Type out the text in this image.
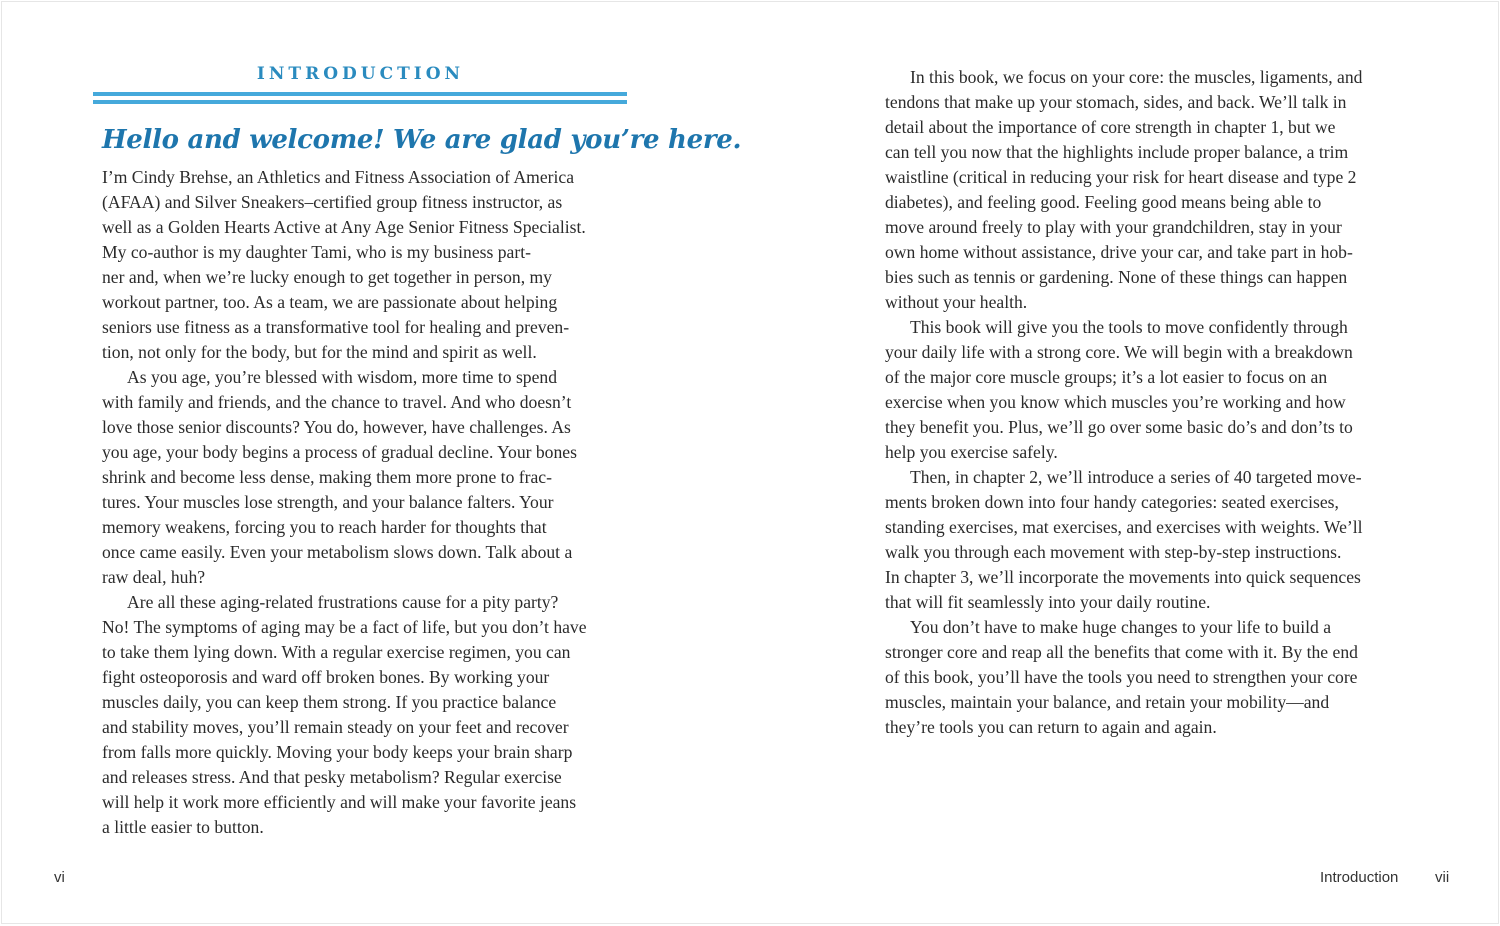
INTRODUCTION
Hello and welcome! We are glad you’re here.
I’m Cindy Brehse, an Athletics and Fitness Association of America
(AFAA) and Silver Sneakers–certified group fitness instructor, as
well as a Golden Hearts Active at Any Age Senior Fitness Specialist.
My co-author is my daughter Tami, who is my business part-
ner and, when we’re lucky enough to get together in person, my
workout partner, too. As a team, we are passionate about helping
seniors use fitness as a transformative tool for healing and preven-
tion, not only for the body, but for the mind and spirit as well.
As you age, you’re blessed with wisdom, more time to spend
with family and friends, and the chance to travel. And who doesn’t
love those senior discounts? You do, however, have challenges. As
you age, your body begins a process of gradual decline. Your bones
shrink and become less dense, making them more prone to frac-
tures. Your muscles lose strength, and your balance falters. Your
memory weakens, forcing you to reach harder for thoughts that
once came easily. Even your metabolism slows down. Talk about a
raw deal, huh?
Are all these aging-related frustrations cause for a pity party?
No! The symptoms of aging may be a fact of life, but you don’t have
to take them lying down. With a regular exercise regimen, you can
fight osteoporosis and ward off broken bones. By working your
muscles daily, you can keep them strong. If you practice balance
and stability moves, you’ll remain steady on your feet and recover
from falls more quickly. Moving your body keeps your brain sharp
and releases stress. And that pesky metabolism? Regular exercise
will help it work more efficiently and will make your favorite jeans
a little easier to button.
vi
In this book, we focus on your core: the muscles, ligaments, and
tendons that make up your stomach, sides, and back. We’ll talk in
detail about the importance of core strength in chapter 1, but we
can tell you now that the highlights include proper balance, a trim
waistline (critical in reducing your risk for heart disease and type 2
diabetes), and feeling good. Feeling good means being able to
move around freely to play with your grandchildren, stay in your
own home without assistance, drive your car, and take part in hob-
bies such as tennis or gardening. None of these things can happen
without your health.
This book will give you the tools to move confidently through
your daily life with a strong core. We will begin with a breakdown
of the major core muscle groups; it’s a lot easier to focus on an
exercise when you know which muscles you’re working and how
they benefit you. Plus, we’ll go over some basic do’s and don’ts to
help you exercise safely.
Then, in chapter 2, we’ll introduce a series of 40 targeted move-
ments broken down into four handy categories: seated exercises,
standing exercises, mat exercises, and exercises with weights. We’ll
walk you through each movement with step-by-step instructions.
In chapter 3, we’ll incorporate the movements into quick sequences
that will fit seamlessly into your daily routine.
You don’t have to make huge changes to your life to build a
stronger core and reap all the benefits that come with it. By the end
of this book, you’ll have the tools you need to strengthen your core
muscles, maintain your balance, and retain your mobility—and
they’re tools you can return to again and again.
Introduction vii
